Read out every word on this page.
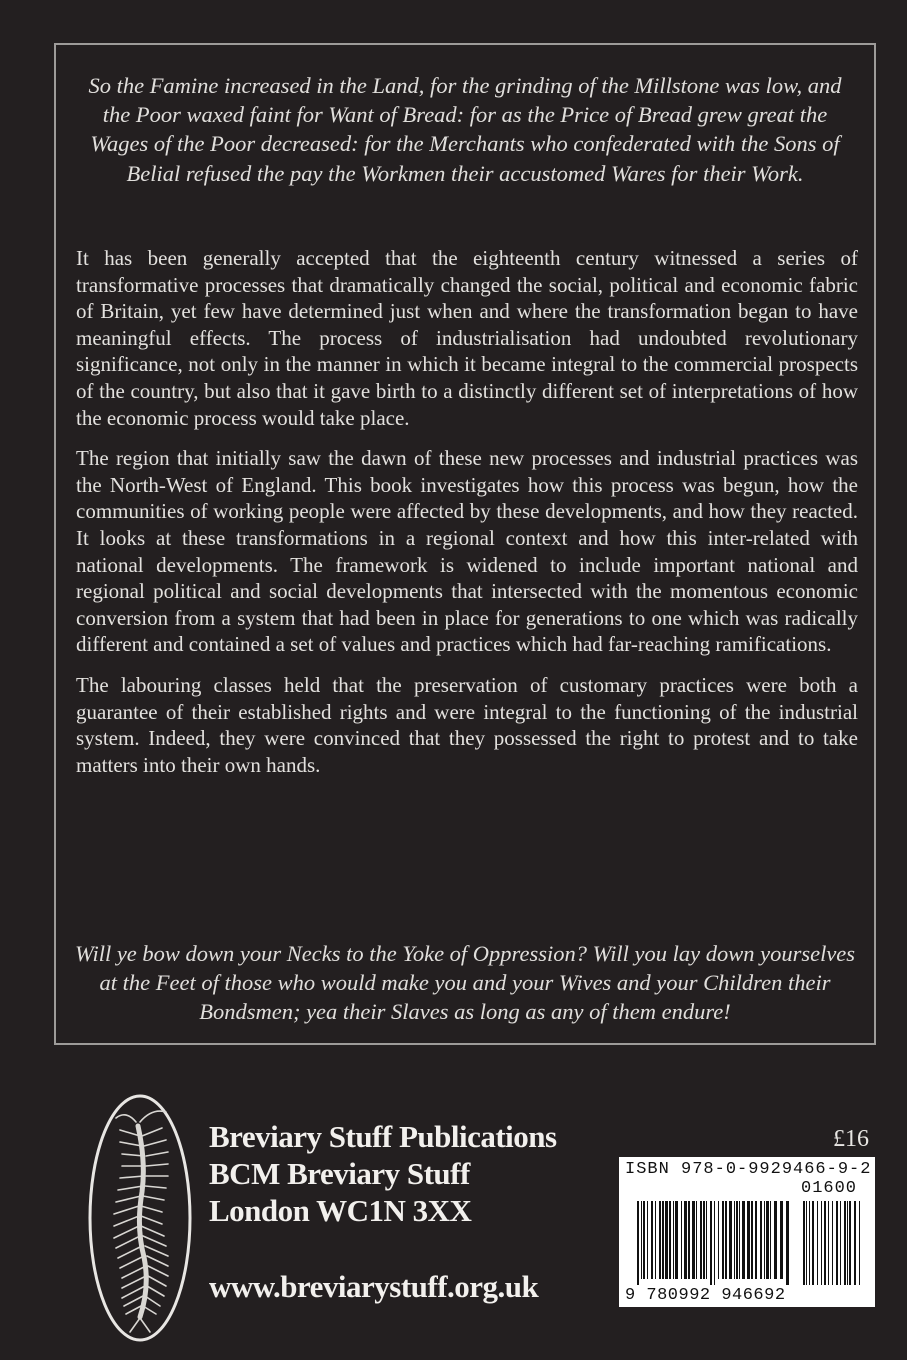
So the Famine increased in the Land, for the grinding of the Millstone was low, and the Poor waxed faint for Want of Bread: for as the Price of Bread grew great the Wages of the Poor decreased: for the Merchants who confederated with the Sons of Belial refused the pay the Workmen their accustomed Wares for their Work.

It has been generally accepted that the eighteenth century witnessed a series of transformative processes that dramatically changed the social, political and economic fabric of Britain, yet few have determined just when and where the transformation began to have meaningful effects. The process of industrialisation had undoubted revolutionary significance, not only in the manner in which it became integral to the commercial prospects of the country, but also that it gave birth to a distinctly different set of interpretations of how the economic process would take place.

The region that initially saw the dawn of these new processes and industrial practices was the North-West of England. This book investigates how this process was begun, how the communities of working people were affected by these developments, and how they reacted. It looks at these transformations in a regional context and how this inter-related with national developments. The framework is widened to include important national and regional political and social developments that intersected with the momentous economic conversion from a system that had been in place for generations to one which was radically different and contained a set of values and practices which had far-reaching ramifications.

The labouring classes held that the preservation of customary practices were both a guarantee of their established rights and were integral to the functioning of the industrial system. Indeed, they were convinced that they possessed the right to protest and to take matters into their own hands.

Will ye bow down your Necks to the Yoke of Oppression? Will you lay down yourselves at the Feet of those who would make you and your Wives and your Children their Bondsmen; yea their Slaves as long as any of them endure!

Breviary Stuff Publications
BCM Breviary Stuff
London WC1N 3XX
www.breviarystuff.org.uk
£16
ISBN 978-0-9929466-9-2
01600
9 780992 946692
